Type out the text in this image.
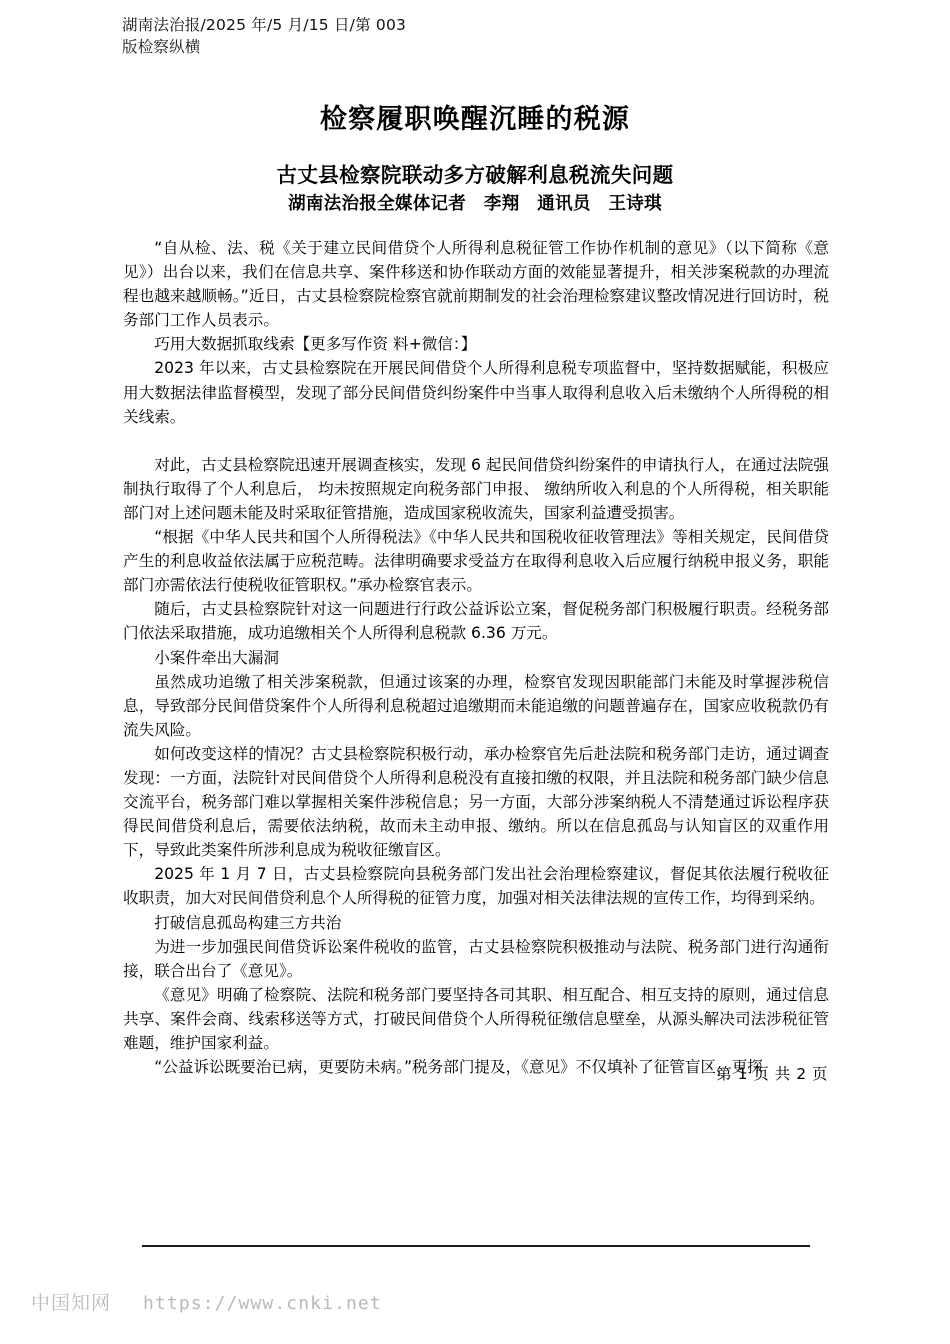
湖南法治报/2025 年/5 月/15 日/第 003
版检察纵横
检察履职唤醒沉睡的税源
古丈县检察院联动多方破解利息税流失问题
湖南法治报全媒体记者　李翔　通讯员　王诗琪

“自从检、法、税《关于建立民间借贷个人所得利息税征管工作协作机制的意见》（以下简称《意见》）出台以来，我们在信息共享、案件移送和协作联动方面的效能显著提升，相关涉案税款的办理流程也越来越顺畅。”近日，古丈县检察院检察官就前期制发的社会治理检察建议整改情况进行回访时，税务部门工作人员表示。

巧用大数据抓取线索【更多写作资 料+微信：】

2023 年以来，古丈县检察院在开展民间借贷个人所得利息税专项监督中，坚持数据赋能，积极应用大数据法律监督模型，发现了部分民间借贷纠纷案件中当事人取得利息收入后未缴纳个人所得税的相关线索。

对此，古丈县检察院迅速开展调查核实，发现 6 起民间借贷纠纷案件的申请执行人，在通过法院强制执行取得了个人利息后， 均未按照规定向税务部门申报、 缴纳所收入利息的个人所得税，相关职能部门对上述问题未能及时采取征管措施，造成国家税收流失，国家利益遭受损害。

“根据《中华人民共和国个人所得税法》《中华人民共和国税收征收管理法》等相关规定，民间借贷产生的利息收益依法属于应税范畴。法律明确要求受益方在取得利息收入后应履行纳税申报义务，职能部门亦需依法行使税收征管职权。”承办检察官表示。

随后，古丈县检察院针对这一问题进行行政公益诉讼立案，督促税务部门积极履行职责。经税务部门依法采取措施，成功追缴相关个人所得利息税款 6.36 万元。

小案件牵出大漏洞

虽然成功追缴了相关涉案税款，但通过该案的办理，检察官发现因职能部门未能及时掌握涉税信息，导致部分民间借贷案件个人所得利息税超过追缴期而未能追缴的问题普遍存在，国家应收税款仍有流失风险。

如何改变这样的情况？古丈县检察院积极行动，承办检察官先后赴法院和税务部门走访，通过调查发现：一方面，法院针对民间借贷个人所得利息税没有直接扣缴的权限，并且法院和税务部门缺少信息交流平台，税务部门难以掌握相关案件涉税信息；另一方面，大部分涉案纳税人不清楚通过诉讼程序获得民间借贷利息后，需要依法纳税，故而未主动申报、缴纳。所以在信息孤岛与认知盲区的双重作用下，导致此类案件所涉利息成为税收征缴盲区。

2025 年 1 月 7 日，古丈县检察院向县税务部门发出社会治理检察建议，督促其依法履行税收征收职责，加大对民间借贷利息个人所得税的征管力度，加强对相关法律法规的宣传工作，均得到采纳。

打破信息孤岛构建三方共治

为进一步加强民间借贷诉讼案件税收的监管，古丈县检察院积极推动与法院、税务部门进行沟通衔接，联合出台了《意见》。

《意见》明确了检察院、法院和税务部门要坚持各司其职、相互配合、相互支持的原则，通过信息共享、案件会商、线索移送等方式，打破民间借贷个人所得税征缴信息壁垒，从源头解决司法涉税征管难题，维护国家利益。

“公益诉讼既要治已病，更要防未病。”税务部门提及，《意见》不仅填补了征管盲区，更探

第 1 页 共 2 页
中国知网 https://www.cnki.net
